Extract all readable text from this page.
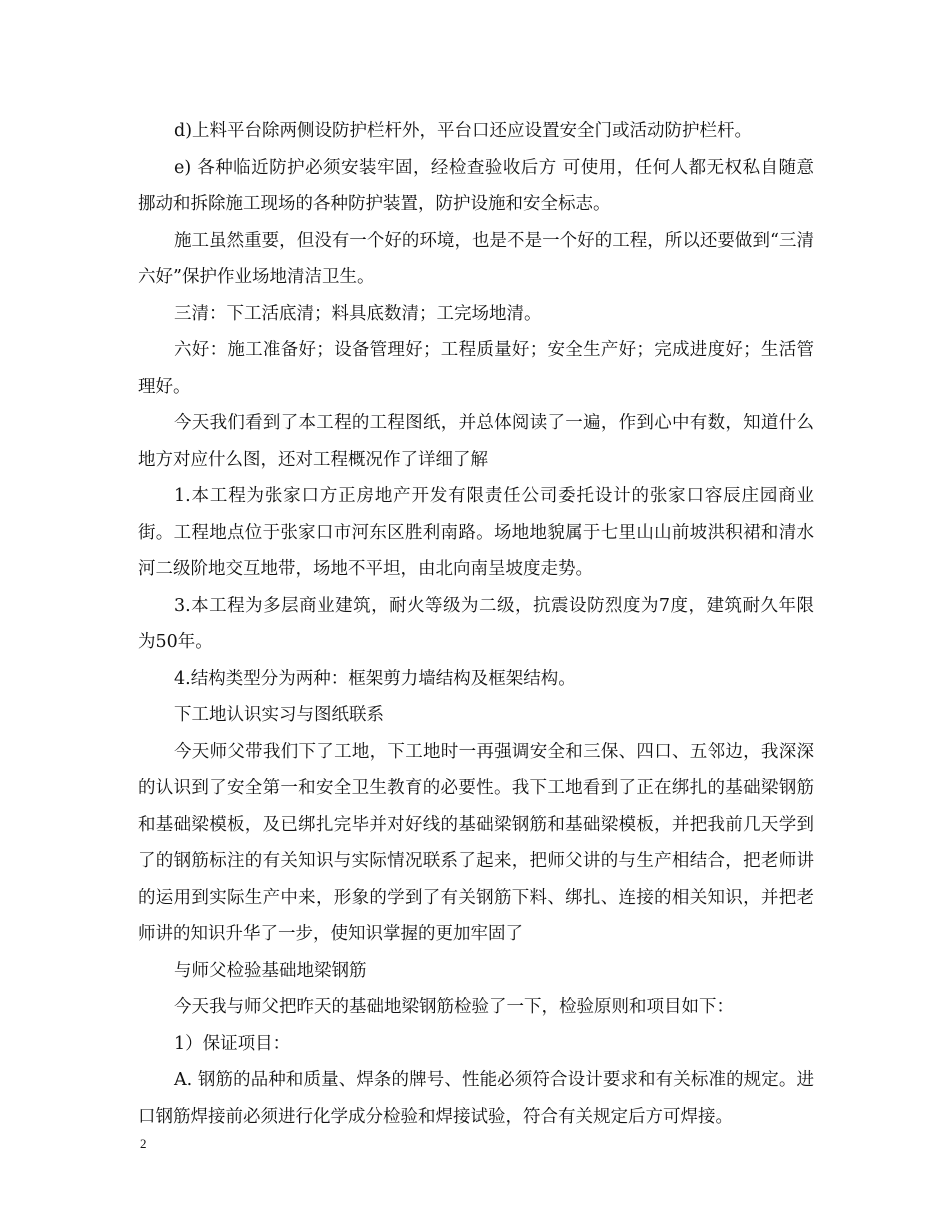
d)上料平台除两侧设防护栏杆外，平台口还应设置安全门或活动防护栏杆。

e) 各种临近防护必须安装牢固，经检查验收后方 可使用，任何人都无权私自随意挪动和拆除施工现场的各种防护装置，防护设施和安全标志。

施工虽然重要，但没有一个好的环境，也是不是一个好的工程，所以还要做到“三清六好”保护作业场地清洁卫生。

三清：下工活底清；料具底数清；工完场地清。

六好：施工准备好；设备管理好；工程质量好；安全生产好；完成进度好；生活管理好。

今天我们看到了本工程的工程图纸，并总体阅读了一遍，作到心中有数，知道什么地方对应什么图，还对工程概况作了详细了解

1.本工程为张家口方正房地产开发有限责任公司委托设计的张家口容辰庄园商业街。工程地点位于张家口市河东区胜利南路。场地地貌属于七里山山前坡洪积裙和清水河二级阶地交互地带，场地不平坦，由北向南呈坡度走势。

3.本工程为多层商业建筑，耐火等级为二级，抗震设防烈度为7度，建筑耐久年限为50年。

4.结构类型分为两种：框架剪力墙结构及框架结构。

下工地认识实习与图纸联系

今天师父带我们下了工地，下工地时一再强调安全和三保、四口、五邻边，我深深的认识到了安全第一和安全卫生教育的必要性。我下工地看到了正在绑扎的基础梁钢筋和基础梁模板，及已绑扎完毕并对好线的基础梁钢筋和基础梁模板，并把我前几天学到了的钢筋标注的有关知识与实际情况联系了起来，把师父讲的与生产相结合，把老师讲的运用到实际生产中来，形象的学到了有关钢筋下料、绑扎、连接的相关知识，并把老师讲的知识升华了一步，使知识掌握的更加牢固了

与师父检验基础地梁钢筋

今天我与师父把昨天的基础地梁钢筋检验了一下，检验原则和项目如下：

1）保证项目：

A. 钢筋的品种和质量、焊条的牌号、性能必须符合设计要求和有关标准的规定。进口钢筋焊接前必须进行化学成分检验和焊接试验，符合有关规定后方可焊接。

2
